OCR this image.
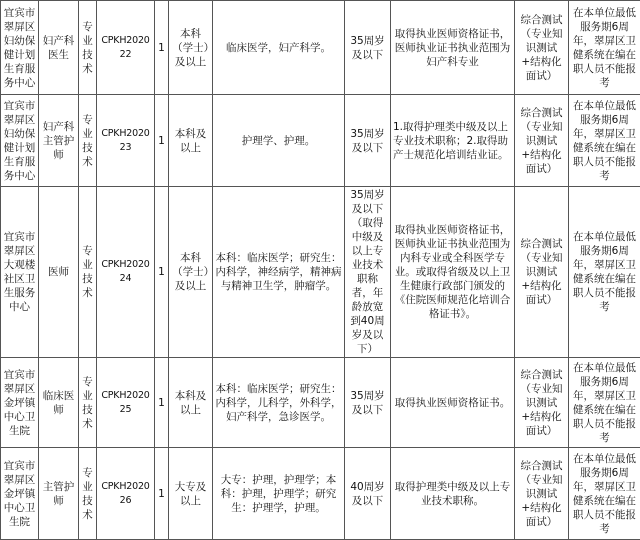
宜宾市翠屏区妇幼保健计划生育服务中心	妇产科医生	专业技术	CPKH202022	1	本科（学士）及以上	临床医学，妇产科学。	35周岁及以下	取得执业医师资格证书，医师执业证书执业范围为妇产科专业	综合测试（专业知识测试+结构化面试）	在本单位最低服务期6周年，翠屏区卫健系统在编在职人员不能报考
宜宾市翠屏区妇幼保健计划生育服务中心	妇产科主管护师	专业技术	CPKH202023	1	本科及以上	护理学、护理。	35周岁及以下	1.取得护理类中级及以上专业技术职称；2.取得助产士规范化培训结业证。	综合测试（专业知识测试+结构化面试）	在本单位最低服务期6周年，翠屏区卫健系统在编在职人员不能报考
宜宾市翠屏区大观楼社区卫生服务中心	医师	专业技术	CPKH202024	1	本科（学士）及以上	本科：临床医学；研究生：内科学，神经病学，精神病与精神卫生学，肿瘤学。	35周岁及以下（取得中级及以上专业技术职称者，年龄放宽到40周岁及以下）	取得执业医师资格证书，医师执业证书执业范围为内科专业或全科医学专业。或取得省级及以上卫生健康行政部门颁发的《住院医师规范化培训合格证书》。	综合测试（专业知识测试+结构化面试）	在本单位最低服务期6周年，翠屏区卫健系统在编在职人员不能报考
宜宾市翠屏区金坪镇中心卫生院	临床医师	专业技术	CPKH202025	1	本科及以上	本科：临床医学；研究生：内科学，儿科学，外科学，妇产科学，急诊医学。	35周岁及以下	取得执业医师资格证书。	综合测试（专业知识测试+结构化面试）	在本单位最低服务期6周年，翠屏区卫健系统在编在职人员不能报考
宜宾市翠屏区金坪镇中心卫生院	主管护师	专业技术	CPKH202026	1	大专及以上	大专：护理，护理学；本科：护理，护理学；研究生：护理学，护理。	40周岁及以下	取得护理类中级及以上专业技术职称。	综合测试（专业知识测试+结构化面试）	在本单位最低服务期6周年，翠屏区卫健系统在编在职人员不能报考
